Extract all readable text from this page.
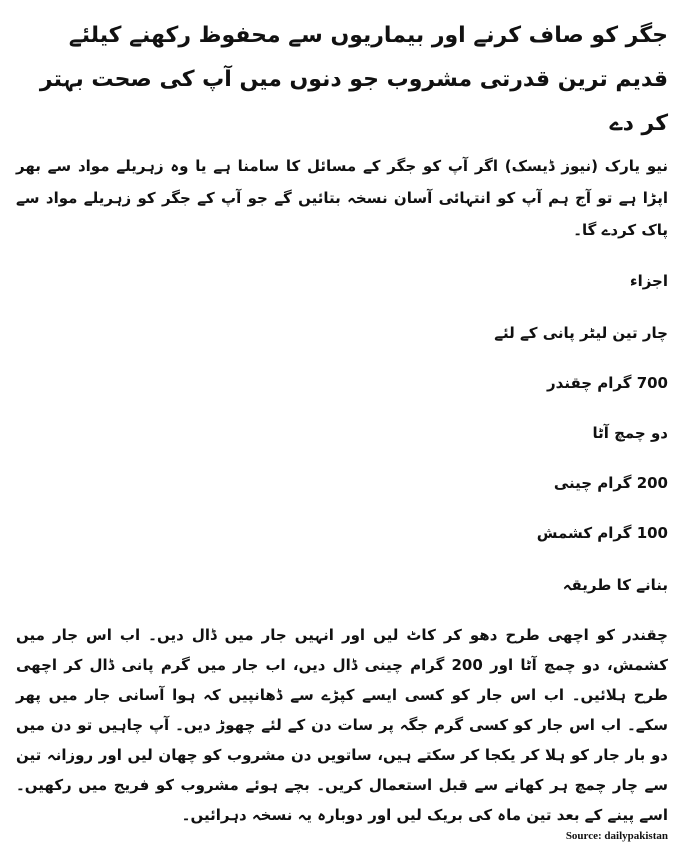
جگر کو صاف کرنے اور بیماریوں سے محفوظ رکھنے کیلئے قدیم ترین قدرتی مشروب جو دنوں میں آپ کی صحت بہتر کر دے

نیو یارک (نیوز ڈیسک) اگر آپ کو جگر کے مسائل کا سامنا ہے یا وہ زہریلے مواد سے بھر اپڑا ہے تو آج ہم آپ کو انتہائی آسان نسخہ بتائیں گے جو آپ کے جگر کو زہریلے مواد سے پاک کردے گا۔

اجزاء
چار تین لیٹر پانی کے لئے
700 گرام چقندر
دو چمچ آٹا
200 گرام چینی
100 گرام کشمش
بنانے کا طریقہ

چقندر کو اچھی طرح دھو کر کاٹ لیں اور انہیں جار میں ڈال دیں۔ اب اس جار میں کشمش، دو چمچ آٹا اور 200 گرام چینی ڈال دیں، اب جار میں گرم پانی ڈال کر اچھی طرح ہلائیں۔ اب اس جار کو کسی ایسے کپڑے سے ڈھانپیں کہ ہوا آسانی جار میں پھر سکے۔ اب اس جار کو کسی گرم جگہ پر سات دن کے لئے چھوڑ دیں۔ آپ چاہیں تو دن میں دو بار جار کو ہلا کر یکجا کر سکتے ہیں، ساتویں دن مشروب کو چھان لیں اور روزانہ تین سے چار چمچ ہر کھانے سے قبل استعمال کریں۔ بچے ہوئے مشروب کو فریج میں رکھیں۔ اسے پینے کے بعد تین ماہ کی بریک لیں اور دوبارہ یہ نسخہ دہرائیں۔

Source: dailypakistan
